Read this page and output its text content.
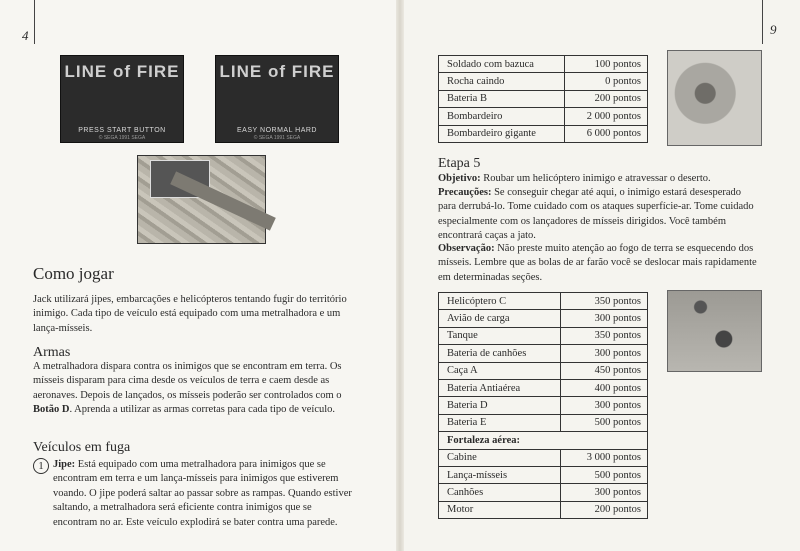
4
LINE of FIRE
PRESS START BUTTON
© SEGA 1991 SEGA
LINE of FIRE
EASY NORMAL HARD
© SEGA 1991 SEGA
Como jogar

Jack utilizará jipes, embarcações e helicópteros tentando fugir do território inimigo. Cada tipo de veículo está equipado com uma metralhadora e um lança-mísseis.

Armas

A metralhadora dispara contra os inimigos que se encontram em terra. Os mísseis disparam para cima desde os veículos de terra e caem desde as aeronaves. Depois de lançados, os mísseis poderão ser controlados com o Botão D. Aprenda a utilizar as armas corretas para cada tipo de veículo.

Veículos em fuga
1 Jipe: Está equipado com uma metralhadora para inimigos que se encontram em terra e um lança-mísseis para inimigos que estiverem voando. O jipe poderá saltar ao passar sobre as rampas. Quando estiver saltando, a metralhadora será eficiente contra inimigos que se encontram no ar. Este veículo explodirá se bater contra uma parede.

9
Soldado com bazuca	100 pontos
Rocha caindo	0 pontos
Bateria B	200 pontos
Bombardeiro	2 000 pontos
Bombardeiro gigante	6 000 pontos
Etapa 5

Objetivo: Roubar um helicóptero inimigo e atravessar o deserto.

Precauções: Se conseguir chegar até aqui, o inimigo estará desesperado para derrubá-lo. Tome cuidado com os ataques superfície-ar. Tome cuidado especialmente com os lançadores de mísseis dirigidos. Você também encontrará caças a jato.

Observação: Não preste muito atenção ao fogo de terra se esquecendo dos mísseis. Lembre que as bolas de ar farão você se deslocar mais rapidamente em determinadas seções.

Helicóptero C	350 pontos
Avião de carga	300 pontos
Tanque	350 pontos
Bateria de canhões	300 pontos
Caça A	450 pontos
Bateria Antiaérea	400 pontos
Bateria D	300 pontos
Bateria E	500 pontos
Fortaleza aérea:	
Cabine	3 000 pontos
Lança-mísseis	500 pontos
Canhões	300 pontos
Motor	200 pontos
